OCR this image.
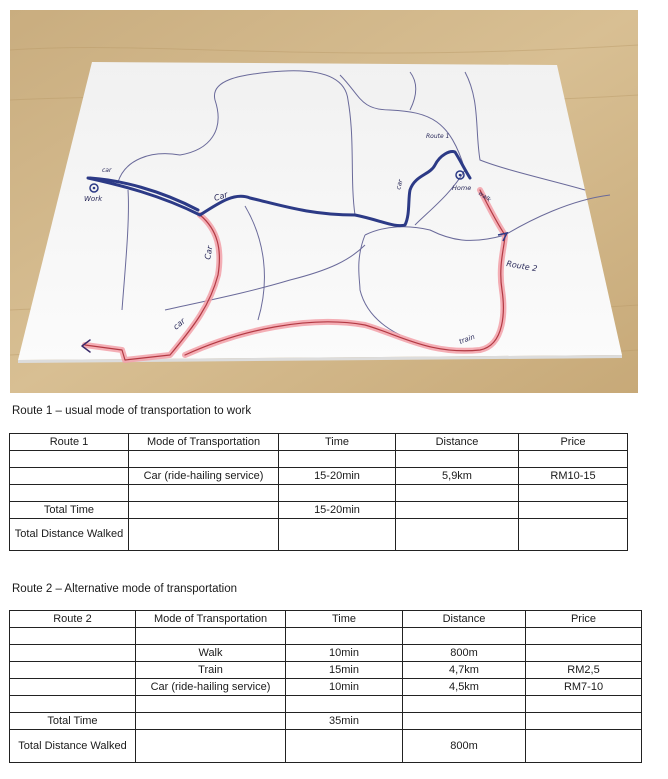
Work
car
Car
Car
car
car
Route 1
Home
walk
Route 2
train
Route 1 – usual mode of transportation to work
Route 1	Mode of Transportation	Time	Distance	Price

	Car (ride-hailing service)	15-20min	5,9km	RM10-15

Total Time		15-20min		
Total Distance Walked				
Route 2 – Alternative mode of transportation
Route 2	Mode of Transportation	Time	Distance	Price

	Walk	10min	800m	
	Train	15min	4,7km	RM2,5
	Car (ride-hailing service)	10min	4,5km	RM7-10

Total Time		35min		
Total Distance Walked			800m	
